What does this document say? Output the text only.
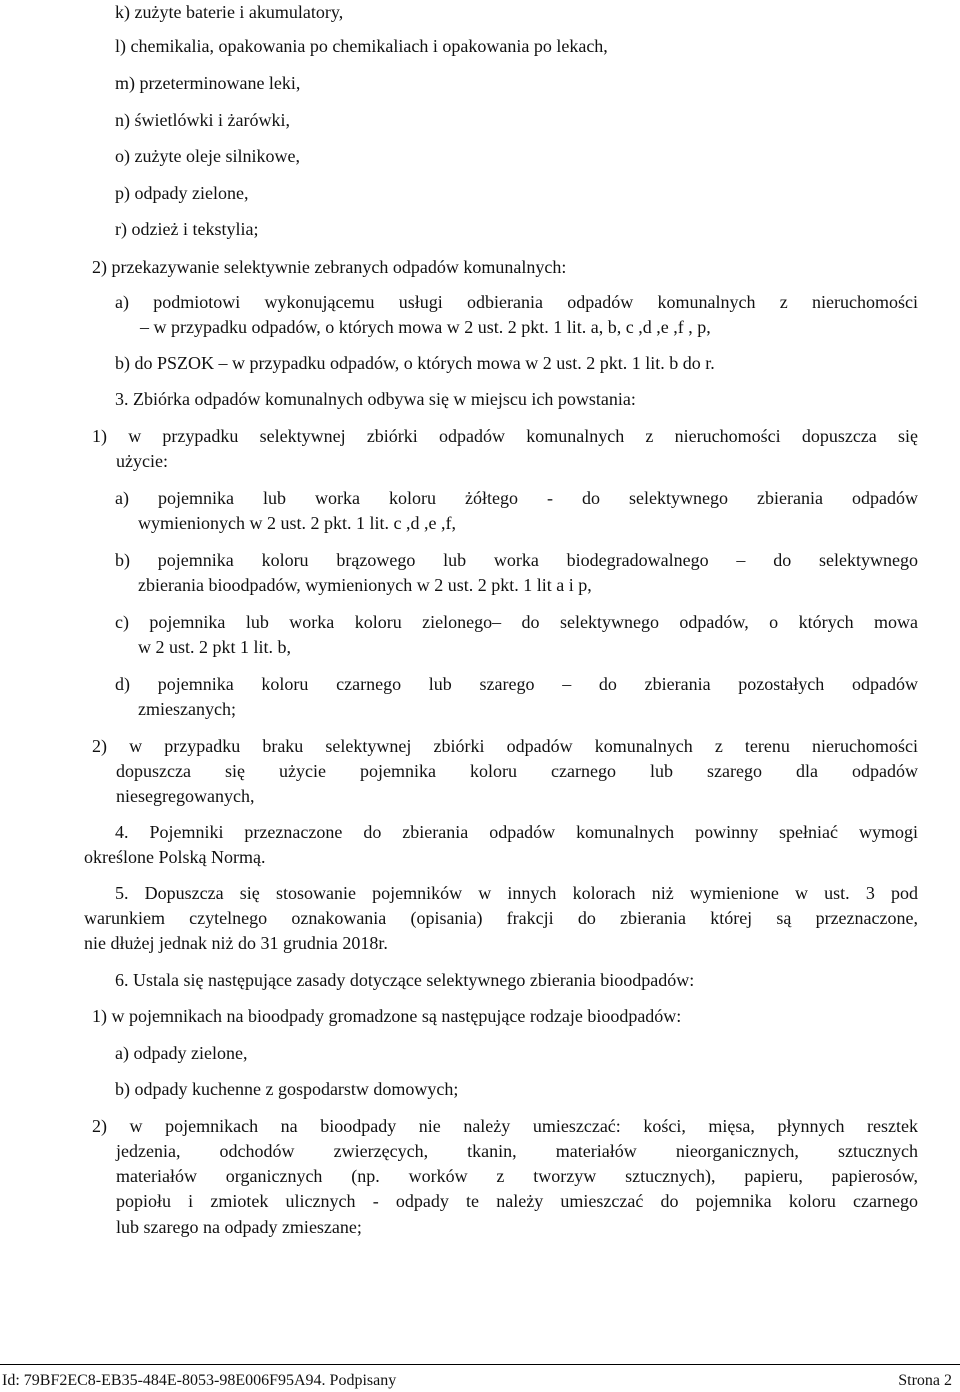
k) zużyte baterie i akumulatory,
l) chemikalia, opakowania po chemikaliach i opakowania po lekach,
m) przeterminowane leki,
n) świetlówki i żarówki,
o) zużyte oleje silnikowe,
p) odpady zielone,
r) odzież i tekstylia;
2) przekazywanie selektywnie zebranych odpadów komunalnych:
a) podmiotowi wykonującemu usługi odbierania odpadów komunalnych z nieruchomości
– w przypadku odpadów, o których mowa w 2 ust. 2 pkt. 1 lit. a, b, c ,d ,e ,f , p,
b) do PSZOK – w przypadku odpadów, o których mowa w 2 ust. 2 pkt. 1 lit. b do r.
3. Zbiórka odpadów komunalnych odbywa się w miejscu ich powstania:
1) w przypadku selektywnej zbiórki odpadów komunalnych z nieruchomości dopuszcza się
użycie:
a) pojemnika lub worka koloru żółtego - do selektywnego zbierania odpadów
wymienionych w 2 ust. 2 pkt. 1 lit. c ,d ,e ,f,
b) pojemnika koloru brązowego lub worka biodegradowalnego – do selektywnego
zbierania bioodpadów, wymienionych w 2 ust. 2 pkt. 1 lit a i p,
c) pojemnika lub worka koloru zielonego– do selektywnego odpadów, o których mowa
w 2 ust. 2 pkt 1 lit. b,
d) pojemnika koloru czarnego lub szarego – do zbierania pozostałych odpadów
zmieszanych;
2) w przypadku braku selektywnej zbiórki odpadów komunalnych z terenu nieruchomości
dopuszcza się użycie pojemnika koloru czarnego lub szarego dla odpadów
niesegregowanych,
4. Pojemniki przeznaczone do zbierania odpadów komunalnych powinny spełniać wymogi
określone Polską Normą.
5. Dopuszcza się stosowanie pojemników w innych kolorach niż wymienione w ust. 3 pod
warunkiem czytelnego oznakowania (opisania) frakcji do zbierania której są przeznaczone,
nie dłużej jednak niż do 31 grudnia 2018r.
6. Ustala się następujące zasady dotyczące selektywnego zbierania bioodpadów:
1) w pojemnikach na bioodpady gromadzone są następujące rodzaje bioodpadów:
a) odpady zielone,
b) odpady kuchenne z gospodarstw domowych;
2) w pojemnikach na bioodpady nie należy umieszczać: kości, mięsa, płynnych resztek
jedzenia, odchodów zwierzęcych, tkanin, materiałów nieorganicznych, sztucznych
materiałów organicznych (np. worków z tworzyw sztucznych), papieru, papierosów,
popiołu i zmiotek ulicznych - odpady te należy umieszczać do pojemnika koloru czarnego
lub szarego na odpady zmieszane;
Id: 79BF2EC8-EB35-484E-8053-98E006F95A94. Podpisany	Strona 2
